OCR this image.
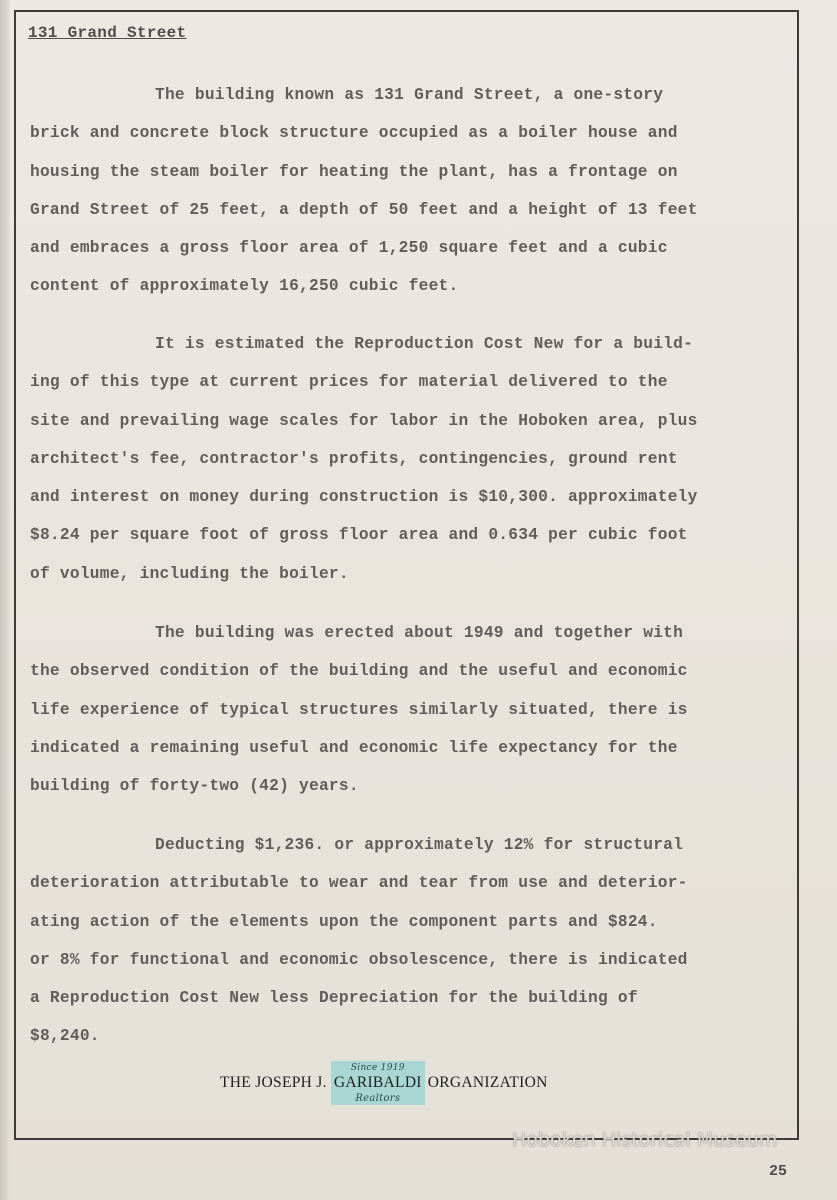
131 Grand Street
The building known as 131 Grand Street, a one-story
brick and concrete block structure occupied as a boiler house and
housing the steam boiler for heating the plant, has a frontage on
Grand Street of 25 feet, a depth of 50 feet and a height of 13 feet
and embraces a gross floor area of 1,250 square feet and a cubic
content of approximately 16,250 cubic feet.
It is estimated the Reproduction Cost New for a build-
ing of this type at current prices for material delivered to the
site and prevailing wage scales for labor in the Hoboken area, plus
architect's fee, contractor's profits, contingencies, ground rent
and interest on money during construction is $10,300. approximately
$8.24 per square foot of gross floor area and 0.634 per cubic foot
of volume, including the boiler.
The building was erected about 1949 and together with
the observed condition of the building and the useful and economic
life experience of typical structures similarly situated, there is
indicated a remaining useful and economic life expectancy for the
building of forty-two (42) years.
Deducting $1,236. or approximately 12% for structural
deterioration attributable to wear and tear from use and deterior-
ating action of the elements upon the component parts and $824.
or 8% for functional and economic obsolescence, there is indicated
a Reproduction Cost New less Depreciation for the building of
$8,240.
THE JOSEPH J.
Since 1919
GARIBALDI
Realtors
ORGANIZATION
Hoboken Historical Museum
25
